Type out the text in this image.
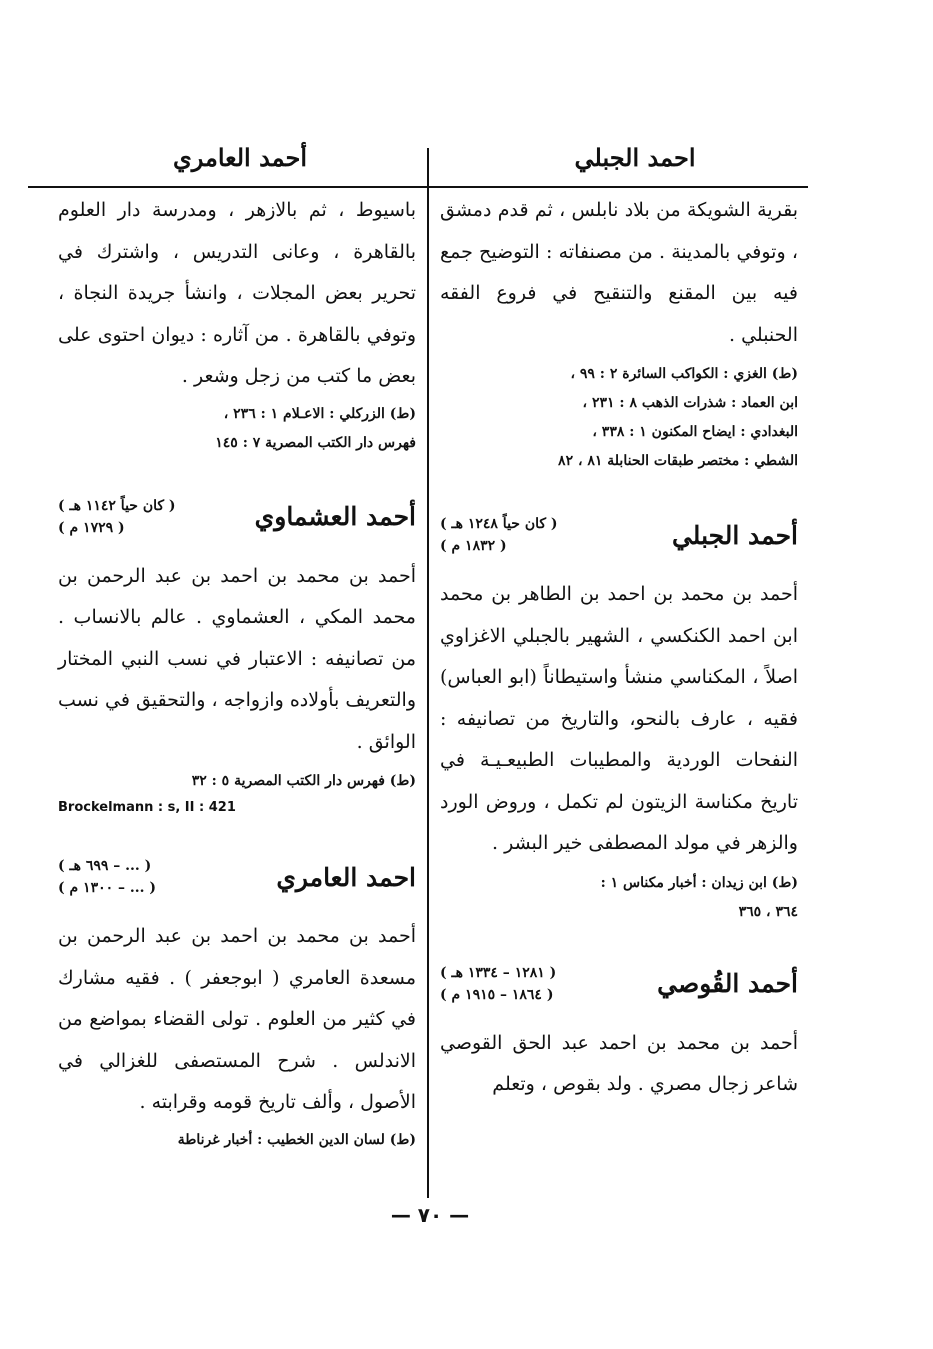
احمد الجبلي
أحمد العامري

بقرية الشويكة من بلاد نابلس ، ثم قدم دمشق ، وتوفي بالمدينة . من مصنفاته : التوضيح جمع فيه بين المقنع والتنقيح في فروع الفقه الحنبلي .

(ط) الغزي : الكواكب السائرة ٢ : ٩٩ ،

ابن العماد : شذرات الذهب ٨ : ٢٣١ ،

البغدادي : ايضاح المكنون ١ : ٣٣٨ ،

الشطي : مختصر طبقات الحنابلة ٨١ ، ٨٢

أحمد الجبلي
( كان حياً ١٢٤٨ هـ )
( ١٨٣٢ م )

أحمد بن محمد بن احمد بن الطاهر بن محمد ابن احمد الكنكسي ، الشهير بالجبلي الاغزاوي اصلاً ، المكناسي منشأ واستيطاناً (ابو العباس) فقيه ، عارف بالنحو، والتاريخ من تصانيفه : النفحات الوردية والمطيبات الطبيعـيـة في تاريخ مكناسة الزيتون لم تكمل ، وروض الورد والزهر في مولد المصطفى خير البشر .

(ط) ابن زيدان : أخبار مكناس ١ :

٣٦٤ ، ٣٦٥

أحمد القُوصي
( ١٢٨١ – ١٣٣٤ هـ )
( ١٨٦٤ – ١٩١٥ م )

أحمد بن محمد بن احمد عبد الحق القوصي شاعر زجال مصري . ولد بقوص ، وتعلم

باسيوط ، ثم بالازهر ، ومدرسة دار العلوم بالقاهرة ، وعانى التدريس ، واشترك في تحرير بعض المجلات ، وانشأ جريدة النجاة ، وتوفي بالقاهرة . من آثاره : ديوان احتوى على بعض ما كتب من زجل وشعر .

(ط) الزركلي : الاعـلام ١ : ٢٣٦ ،

فهرس دار الكتب المصرية ٧ : ١٤٥

أحمد العشماوي
( كان حياً ١١٤٢ هـ )
( ١٧٢٩ م )

أحمد بن محمد بن احمد بن عبد الرحمن بن محمد المكي ، العشماوي . عالم بالانساب . من تصانيفه : الاعتبار في نسب النبي المختار والتعريف بأولاده وازواجه ، والتحقيق في نسب الوائق .

(ط) فهرس دار الكتب المصرية ٥ : ٣٢

Brockelmann : s, II : 421

احمد العامري
( ... – ٦٩٩ هـ )
( ... – ١٣٠٠ م )

أحمد بن محمد بن احمد بن عبد الرحمن بن مسعدة العامري ( ابوجعفر ) . فقيه مشارك في كثير من العلوم . تولى القضاء بمواضع من الاندلس . شرح المستصفى للغزالي في الأصول ، وألف تاريخ قومه وقرابته .

(ط) لسان الدين الخطيب : أخبار غرناطة

— ٧٠ —
